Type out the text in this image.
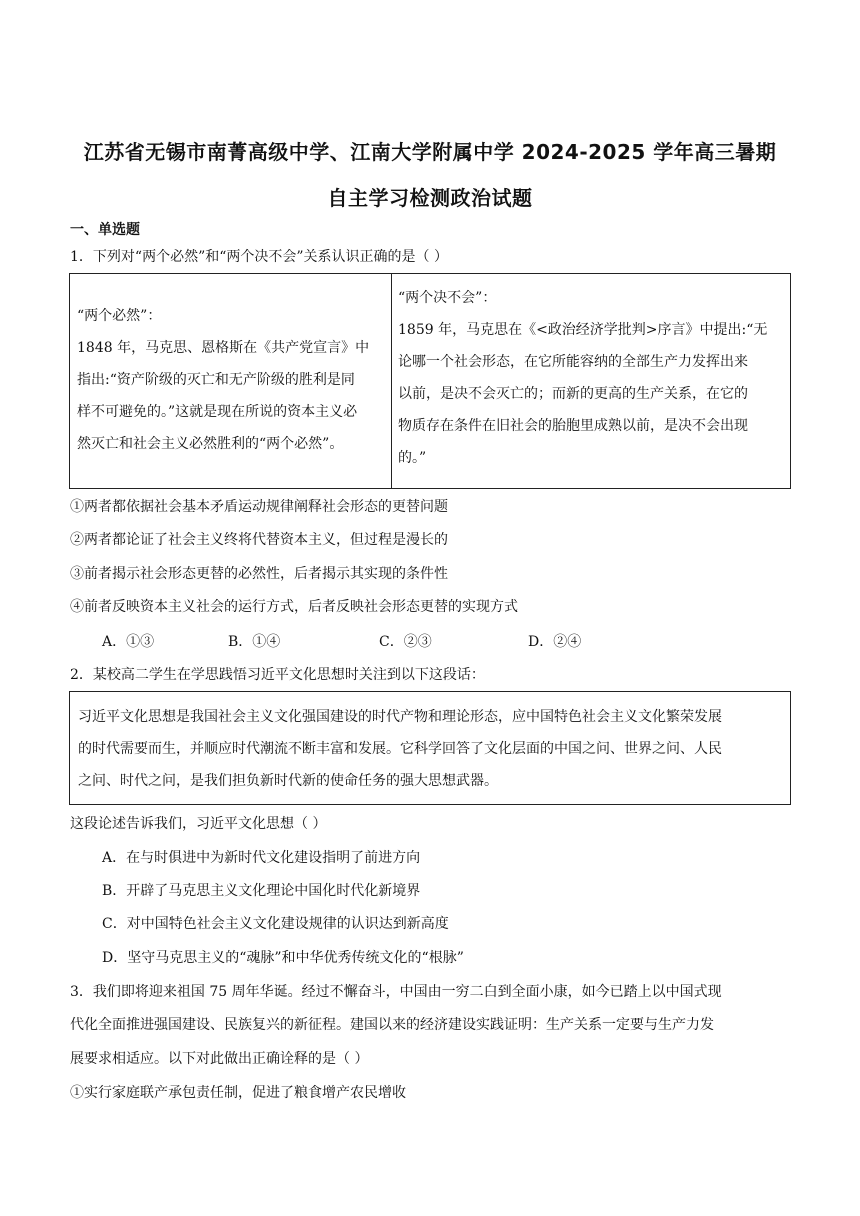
江苏省无锡市南菁高级中学、江南大学附属中学 2024-2025 学年高三暑期
自主学习检测政治试题
一、单选题
1．下列对“两个必然”和“两个决不会”关系认识正确的是（ ）
“两个必然”：
1848 年，马克思、恩格斯在《共产党宣言》中
指出:“资产阶级的灭亡和无产阶级的胜利是同
样不可避免的。”这就是现在所说的资本主义必
然灭亡和社会主义必然胜利的“两个必然”。
“两个决不会”：
1859 年，马克思在《<政治经济学批判>序言》中提出:“无
论哪一个社会形态，在它所能容纳的全部生产力发挥出来
以前，是决不会灭亡的；而新的更高的生产关系，在它的
物质存在条件在旧社会的胎胞里成熟以前，是决不会出现
的。”
①两者都依据社会基本矛盾运动规律阐释社会形态的更替问题
②两者都论证了社会主义终将代替资本主义，但过程是漫长的
③前者揭示社会形态更替的必然性，后者揭示其实现的条件性
④前者反映资本主义社会的运行方式，后者反映社会形态更替的实现方式
A．①③	B．①④	C．②③	D．②④
2．某校高二学生在学思践悟习近平文化思想时关注到以下这段话：
习近平文化思想是我国社会主义文化强国建设的时代产物和理论形态，应中国特色社会主义文化繁荣发展
的时代需要而生，并顺应时代潮流不断丰富和发展。它科学回答了文化层面的中国之问、世界之问、人民
之问、时代之问，是我们担负新时代新的使命任务的强大思想武器。
这段论述告诉我们，习近平文化思想（ ）
A．在与时俱进中为新时代文化建设指明了前进方向
B．开辟了马克思主义文化理论中国化时代化新境界
C．对中国特色社会主义文化建设规律的认识达到新高度
D．坚守马克思主义的“魂脉”和中华优秀传统文化的“根脉”
3．我们即将迎来祖国 75 周年华诞。经过不懈奋斗，中国由一穷二白到全面小康，如今已踏上以中国式现
代化全面推进强国建设、民族复兴的新征程。建国以来的经济建设实践证明：生产关系一定要与生产力发
展要求相适应。以下对此做出正确诠释的是（ ）
①实行家庭联产承包责任制，促进了粮食增产农民增收
